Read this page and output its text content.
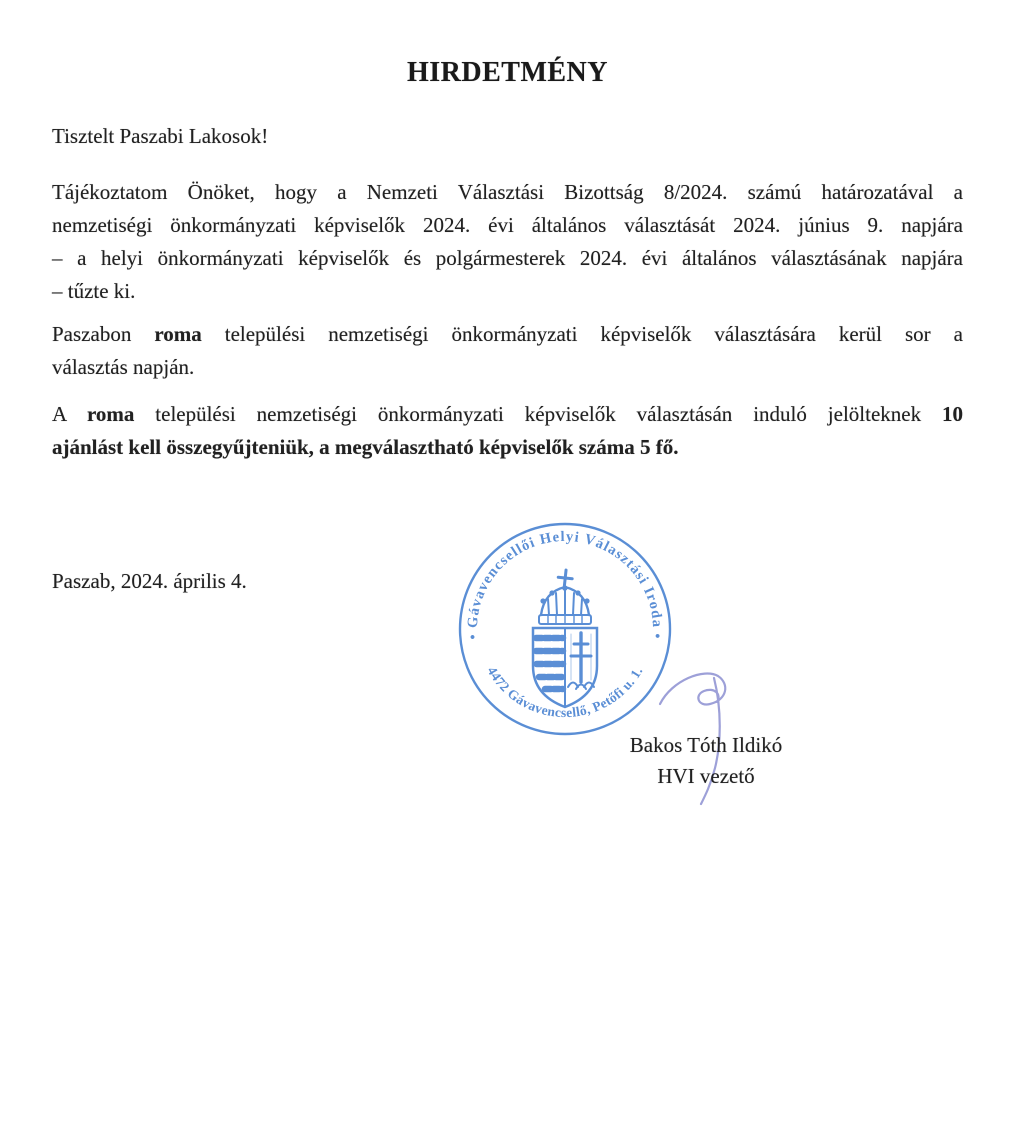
HIRDETMÉNY
Tisztelt Paszabi Lakosok!
Tájékoztatom Önöket, hogy a Nemzeti Választási Bizottság 8/2024. számú határozatával a
nemzetiségi önkormányzati képviselők 2024. évi általános választását 2024. június 9. napjára
– a helyi önkormányzati képviselők és polgármesterek 2024. évi általános választásának napjára
– tűzte ki.
Paszabon roma települési nemzetiségi önkormányzati képviselők választására kerül sor a
választás napján.
A roma települési nemzetiségi önkormányzati képviselők választásán induló jelölteknek 10
ajánlást kell összegyűjteniük, a megválasztható képviselők száma 5 fő.
Paszab, 2024. április 4.
• Gávavencsellői Helyi Választási Iroda •
4472 Gávavencsellő, Petőfi u. 1.
Bakos Tóth Ildikó
HVI vezető
